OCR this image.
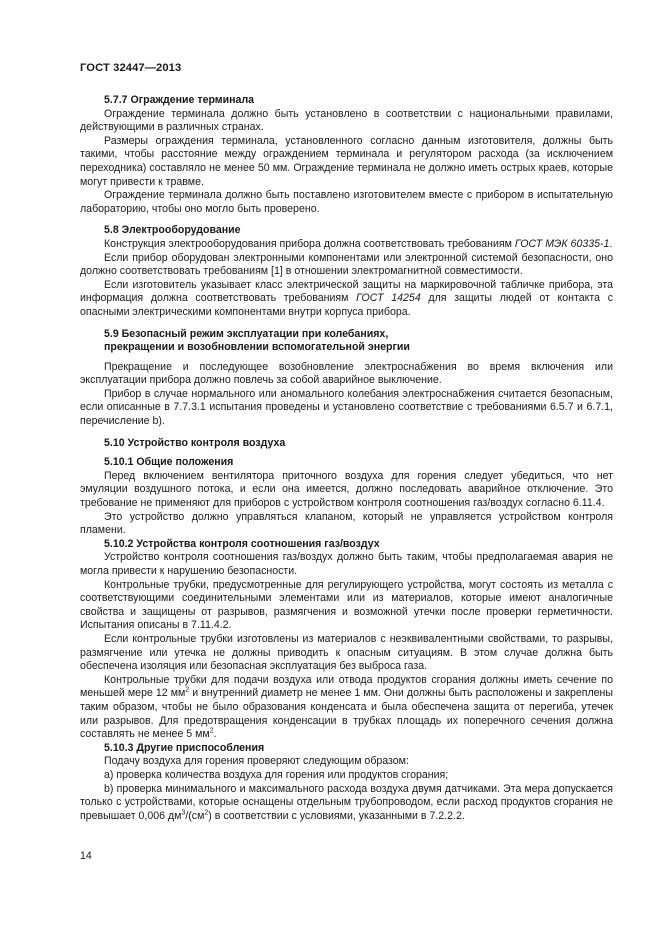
ГОСТ 32447—2013

5.7.7 Ограждение терминала

Ограждение терминала должно быть установлено в соответствии с национальными правилами, действующими в различных странах.

Размеры ограждения терминала, установленного согласно данным изготовителя, должны быть такими, чтобы расстояние между ограждением терминала и регулятором расхода (за исключением переходника) составляло не менее 50 мм. Ограждение терминала не должно иметь острых краев, которые могут привести к травме.

Ограждение терминала должно быть поставлено изготовителем вместе с прибором в испытательную лабораторию, чтобы оно могло быть проверено.

5.8 Электрооборудование

Конструкция электрооборудования прибора должна соответствовать требованиям ГОСТ МЭК 60335-1.

Если прибор оборудован электронными компонентами или электронной системой безопасности, оно должно соответствовать требованиям [1] в отношении электромагнитной совместимости.

Если изготовитель указывает класс электрической защиты на маркировочной табличке прибора, эта информация должна соответствовать требованиям ГОСТ 14254 для защиты людей от контакта с опасными электрическими компонентами внутри корпуса прибора.

5.9 Безопасный режим эксплуатации при колебаниях,

прекращении и возобновлении вспомогательной энергии

Прекращение и последующее возобновление электроснабжения во время включения или эксплуатации прибора должно повлечь за собой аварийное выключение.

Прибор в случае нормального или аномального колебания электроснабжения считается безопасным, если описанные в 7.7.3.1 испытания проведены и установлено соответствие с требованиями 6.5.7 и 6.7.1, перечисление b).

5.10 Устройство контроля воздуха

5.10.1 Общие положения

Перед включением вентилятора приточного воздуха для горения следует убедиться, что нет эмуляции воздушного потока, и если она имеется, должно последовать аварийное отключение. Это требование не применяют для приборов с устройством контроля соотношения газ/воздух согласно 6.11.4.

Это устройство должно управляться клапаном, который не управляется устройством контроля пламени.

5.10.2 Устройства контроля соотношения газ/воздух

Устройство контроля соотношения газ/воздух должно быть таким, чтобы предполагаемая авария не могла привести к нарушению безопасности.

Контрольные трубки, предусмотренные для регулирующего устройства, могут состоять из металла с соответствующими соединительными элементами или из материалов, которые имеют аналогичные свойства и защищены от разрывов, размягчения и возможной утечки после проверки герметичности. Испытания описаны в 7.11.4.2.

Если контрольные трубки изготовлены из материалов с неэквивалентными свойствами, то разрывы, размягчение или утечка не должны приводить к опасным ситуациям. В этом случае должна быть обеспечена изоляция или безопасная эксплуатация без выброса газа.

Контрольные трубки для подачи воздуха или отвода продуктов сгорания должны иметь сечение по меньшей мере 12 $мм^2$ и внутренний диаметр не менее 1 мм. Они должны быть расположены и закреплены таким образом, чтобы не было образования конденсата и была обеспечена защита от перегиба, утечек или разрывов. Для предотвращения конденсации в трубках площадь их поперечного сечения должна составлять не менее 5 $мм^2$.

5.10.3 Другие приспособления

Подачу воздуха для горения проверяют следующим образом:

a) проверка количества воздуха для горения или продуктов сгорания;

b) проверка минимального и максимального расхода воздуха двумя датчиками. Эта мера допускается только с устройствами, которые оснащены отдельным трубопроводом, если расход продуктов сгорания не превышает 0,006 $дм^3/(см^2)$ в соответствии с условиями, указанными в 7.2.2.2.

14
